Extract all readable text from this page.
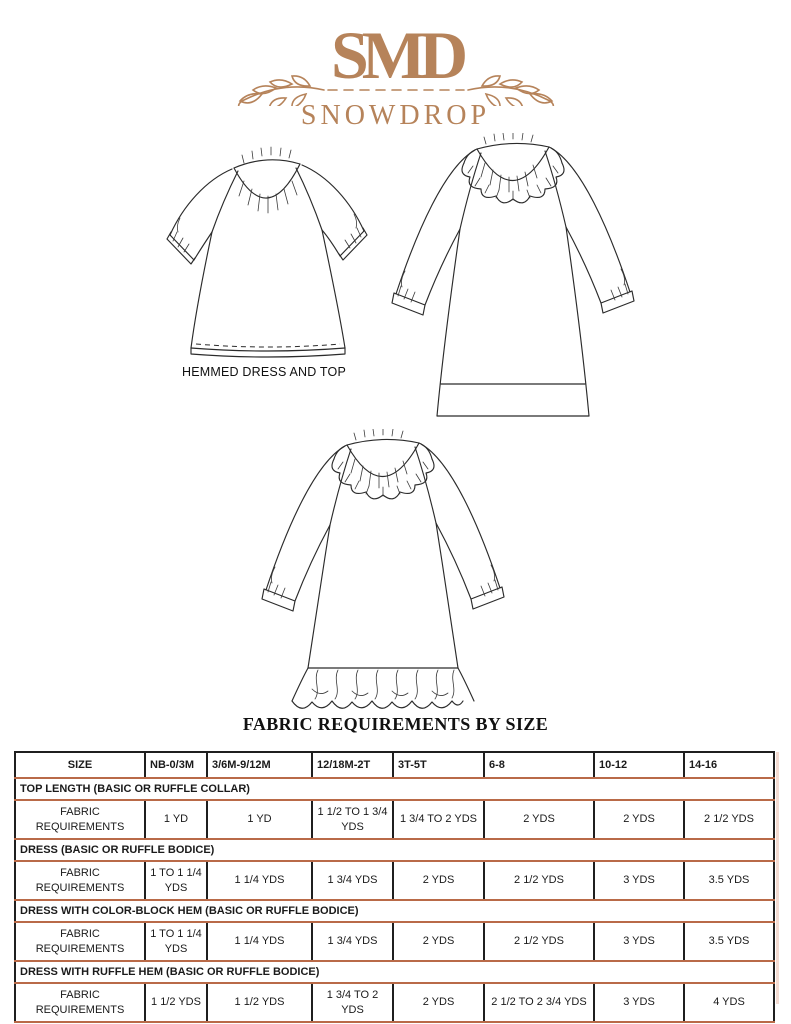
SMD
SNOWDROP
HEMMED DRESS AND TOP
FABRIC REQUIREMENTS BY SIZE
SIZE	NB-0/3M	3/6M-9/12M	12/18M-2T	3T-5T	6-8	10-12	14-16
TOP LENGTH (BASIC OR RUFFLE COLLAR)							
FABRIC REQUIREMENTS	1 YD	1 YD	1 1/2 TO 1 3/4 YDS	1 3/4 TO 2 YDS	2 YDS	2 YDS	2 1/2 YDS
DRESS (BASIC OR RUFFLE BODICE)							
FABRIC REQUIREMENTS	1 TO 1 1/4 YDS	1 1/4 YDS	1 3/4 YDS	2 YDS	2 1/2 YDS	3 YDS	3.5 YDS
DRESS WITH COLOR-BLOCK HEM (BASIC OR RUFFLE BODICE)							
FABRIC REQUIREMENTS	1 TO 1 1/4 YDS	1 1/4 YDS	1 3/4 YDS	2 YDS	2 1/2 YDS	3 YDS	3.5 YDS
DRESS WITH RUFFLE HEM (BASIC OR RUFFLE BODICE)							
FABRIC REQUIREMENTS	1 1/2 YDS	1 1/2 YDS	1 3/4 TO 2 YDS	2 YDS	2 1/2 TO 2 3/4 YDS	3 YDS	4 YDS
